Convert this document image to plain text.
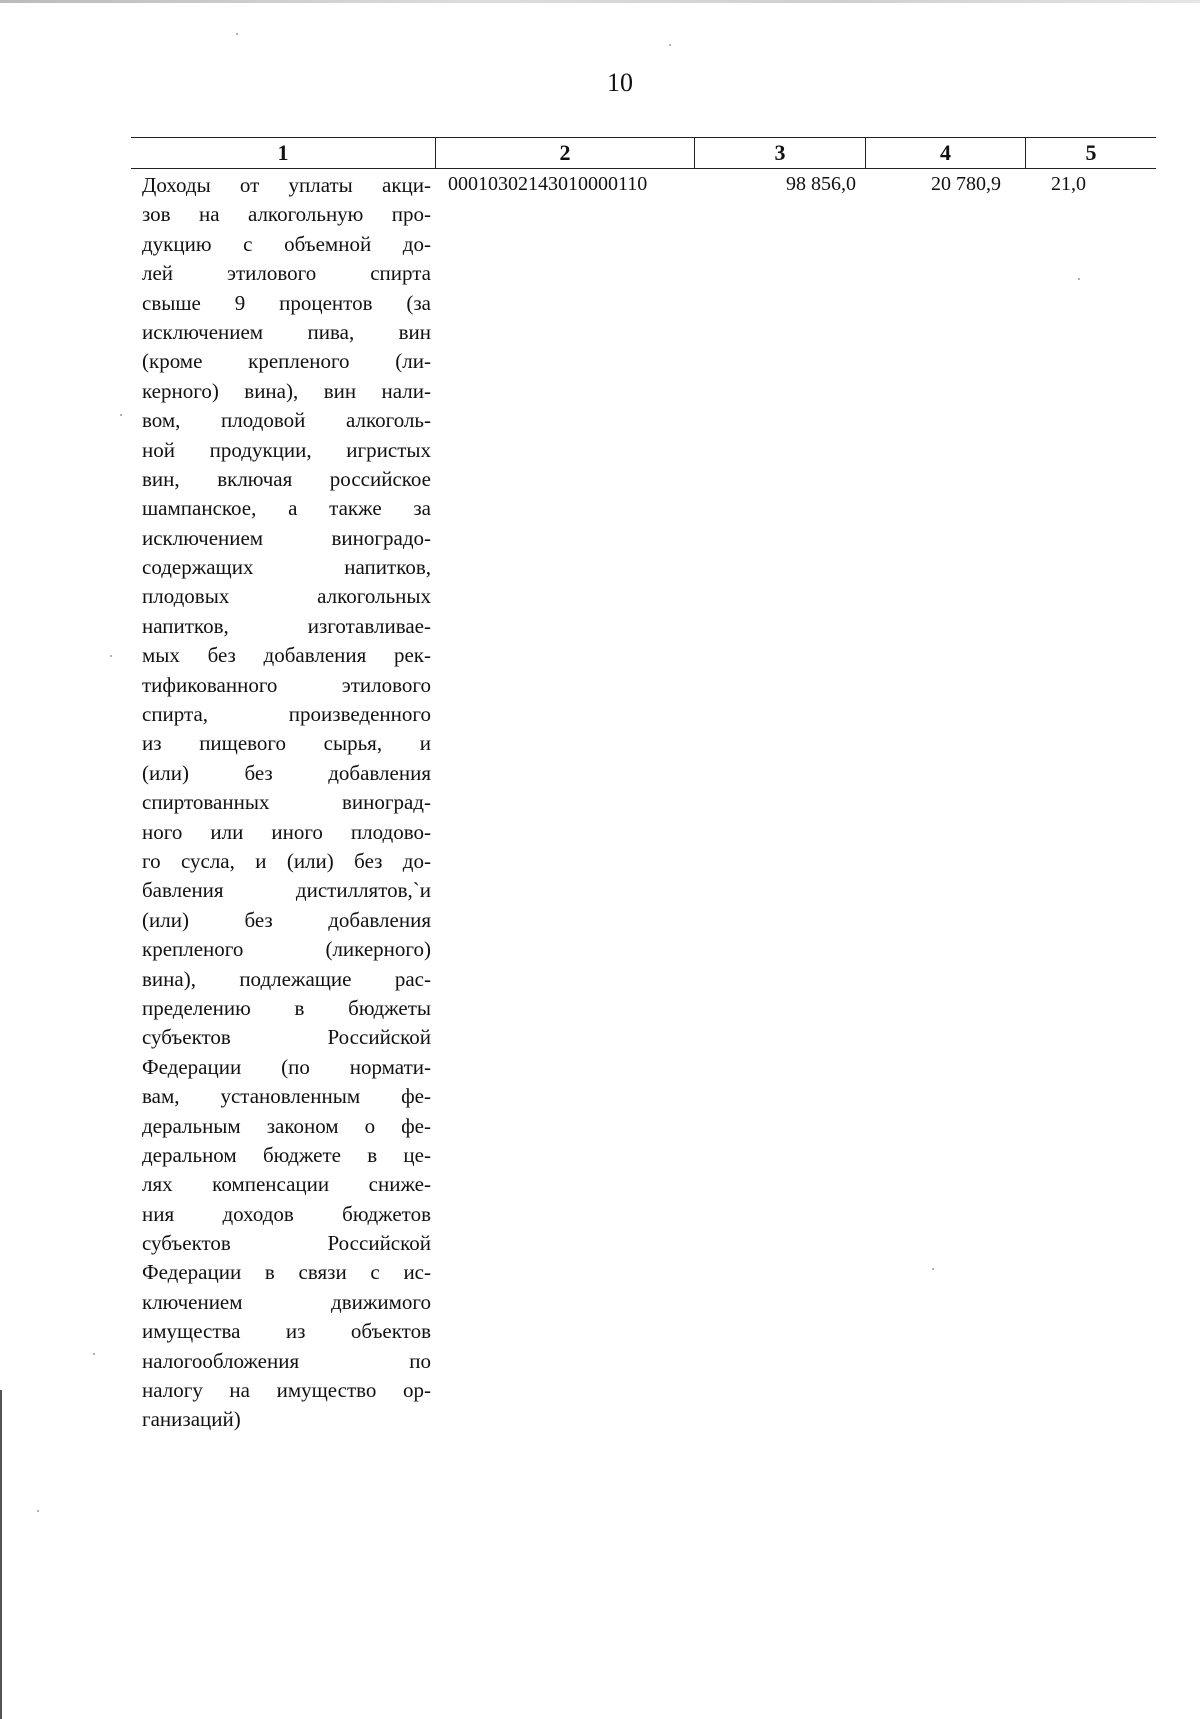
10
1	2	3	4	5
Доходы от уплаты акци-
зов на алкогольную про-
дукцию с объемной до-
лей этилового спирта
свыше 9 процентов (за
исключением пива, вин
(кроме крепленого (ли-
керного) вина), вин нали-
вом, плодовой алкоголь-
ной продукции, игристых
вин, включая российское
шампанское, а также за
исключением виноградо-
содержащих напитков,
плодовых алкогольных
напитков, изготавливае-
мых без добавления рек-
тификованного этилового
спирта, произведенного
из пищевого сырья, и
(или) без добавления
спиртованных виноград-
ного или иного плодово-
го сусла, и (или) без до-
бавления дистиллятов,`и
(или) без добавления
крепленого (ликерного)
вина), подлежащие рас-
пределению в бюджеты
субъектов Российской
Федерации (по нормати-
вам, установленным фе-
деральным законом о фе-
деральном бюджете в це-
лях компенсации сниже-
ния доходов бюджетов
субъектов Российской
Федерации в связи с ис-
ключением движимого
имущества из объектов
налогообложения по
налогу на имущество ор-
ганизаций)
00010302143010000110	98 856,0	20 780,9	21,0
